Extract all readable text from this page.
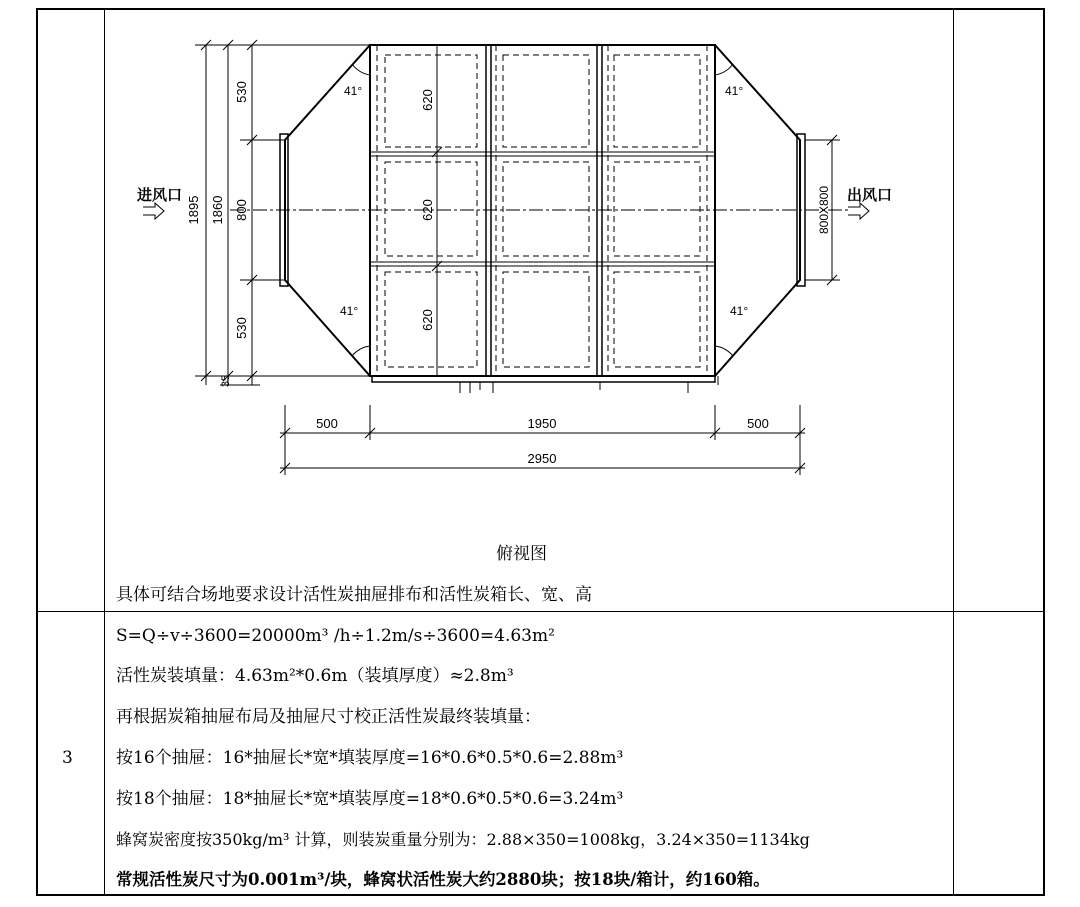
进风口	出风口
1895 1860
530
800
530
35
620
620
620
41°	41°
41°	41°
800X800
500	1950	500
2950
俯视图
具体可结合场地要求设计活性炭抽屉排布和活性炭箱长、宽、高
3
S=Q÷v÷3600=20000m³ /h÷1.2m/s÷3600=4.63m²
活性炭装填量：4.63m²*0.6m（装填厚度）≈2.8m³
再根据炭箱抽屉布局及抽屉尺寸校正活性炭最终装填量：
按16个抽屉：16*抽屉长*宽*填装厚度=16*0.6*0.5*0.6=2.88m³
按18个抽屉：18*抽屉长*宽*填装厚度=18*0.6*0.5*0.6=3.24m³
蜂窝炭密度按350kg/m³ 计算，则装炭重量分别为：2.88×350=1008kg，3.24×350=1134kg
常规活性炭尺寸为0.001m³/块，蜂窝状活性炭大约2880块；按18块/箱计，约160箱。
